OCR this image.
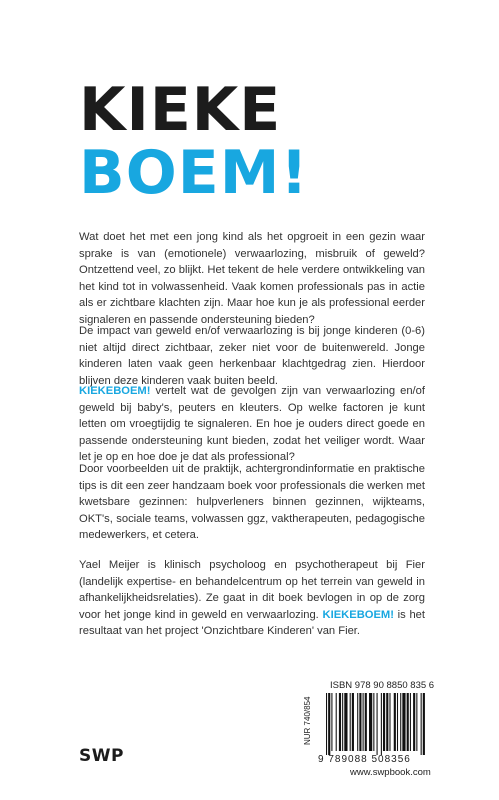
KIEKE
BOEM!
Wat doet het met een jong kind als het opgroeit in een gezin waar sprake is van (emotionele) verwaarlozing, misbruik of geweld? Ontzettend veel, zo blijkt. Het tekent de hele verdere ontwikkeling van het kind tot in volwassenheid. Vaak komen professionals pas in actie als er zichtbare klachten zijn. Maar hoe kun je als professional eerder signaleren en passende ondersteuning bieden?
De impact van geweld en/of verwaarlozing is bij jonge kinderen (0-6) niet altijd direct zichtbaar, zeker niet voor de buitenwereld. Jonge kinderen laten vaak geen herkenbaar klachtgedrag zien. Hierdoor blijven deze kinderen vaak buiten beeld.
KIEKEBOEM! vertelt wat de gevolgen zijn van verwaarlozing en/of geweld bij baby's, peuters en kleuters. Op welke factoren je kunt letten om vroegtijdig te signaleren. En hoe je ouders direct goede en passende ondersteuning kunt bieden, zodat het veiliger wordt. Waar let je op en hoe doe je dat als professional?
Door voorbeelden uit de praktijk, achtergrondinformatie en praktische tips is dit een zeer handzaam boek voor professionals die werken met kwetsbare gezinnen: hulpverleners binnen gezinnen, wijkteams, OKT's, sociale teams, volwassen ggz, vaktherapeuten, pedagogische medewerkers, et cetera.
Yael Meijer is klinisch psycholoog en psychotherapeut bij Fier (landelijk expertise- en behandelcentrum op het terrein van geweld in afhankelijkheidsrelaties). Ze gaat in dit boek bevlogen in op de zorg voor het jonge kind in geweld en verwaarlozing. KIEKEBOEM! is het resultaat van het project 'Onzichtbare Kinderen' van Fier.
ISBN 978 90 8850 835 6
NUR 740/854
9 789088 508356
www.swpbook.com
SWP
